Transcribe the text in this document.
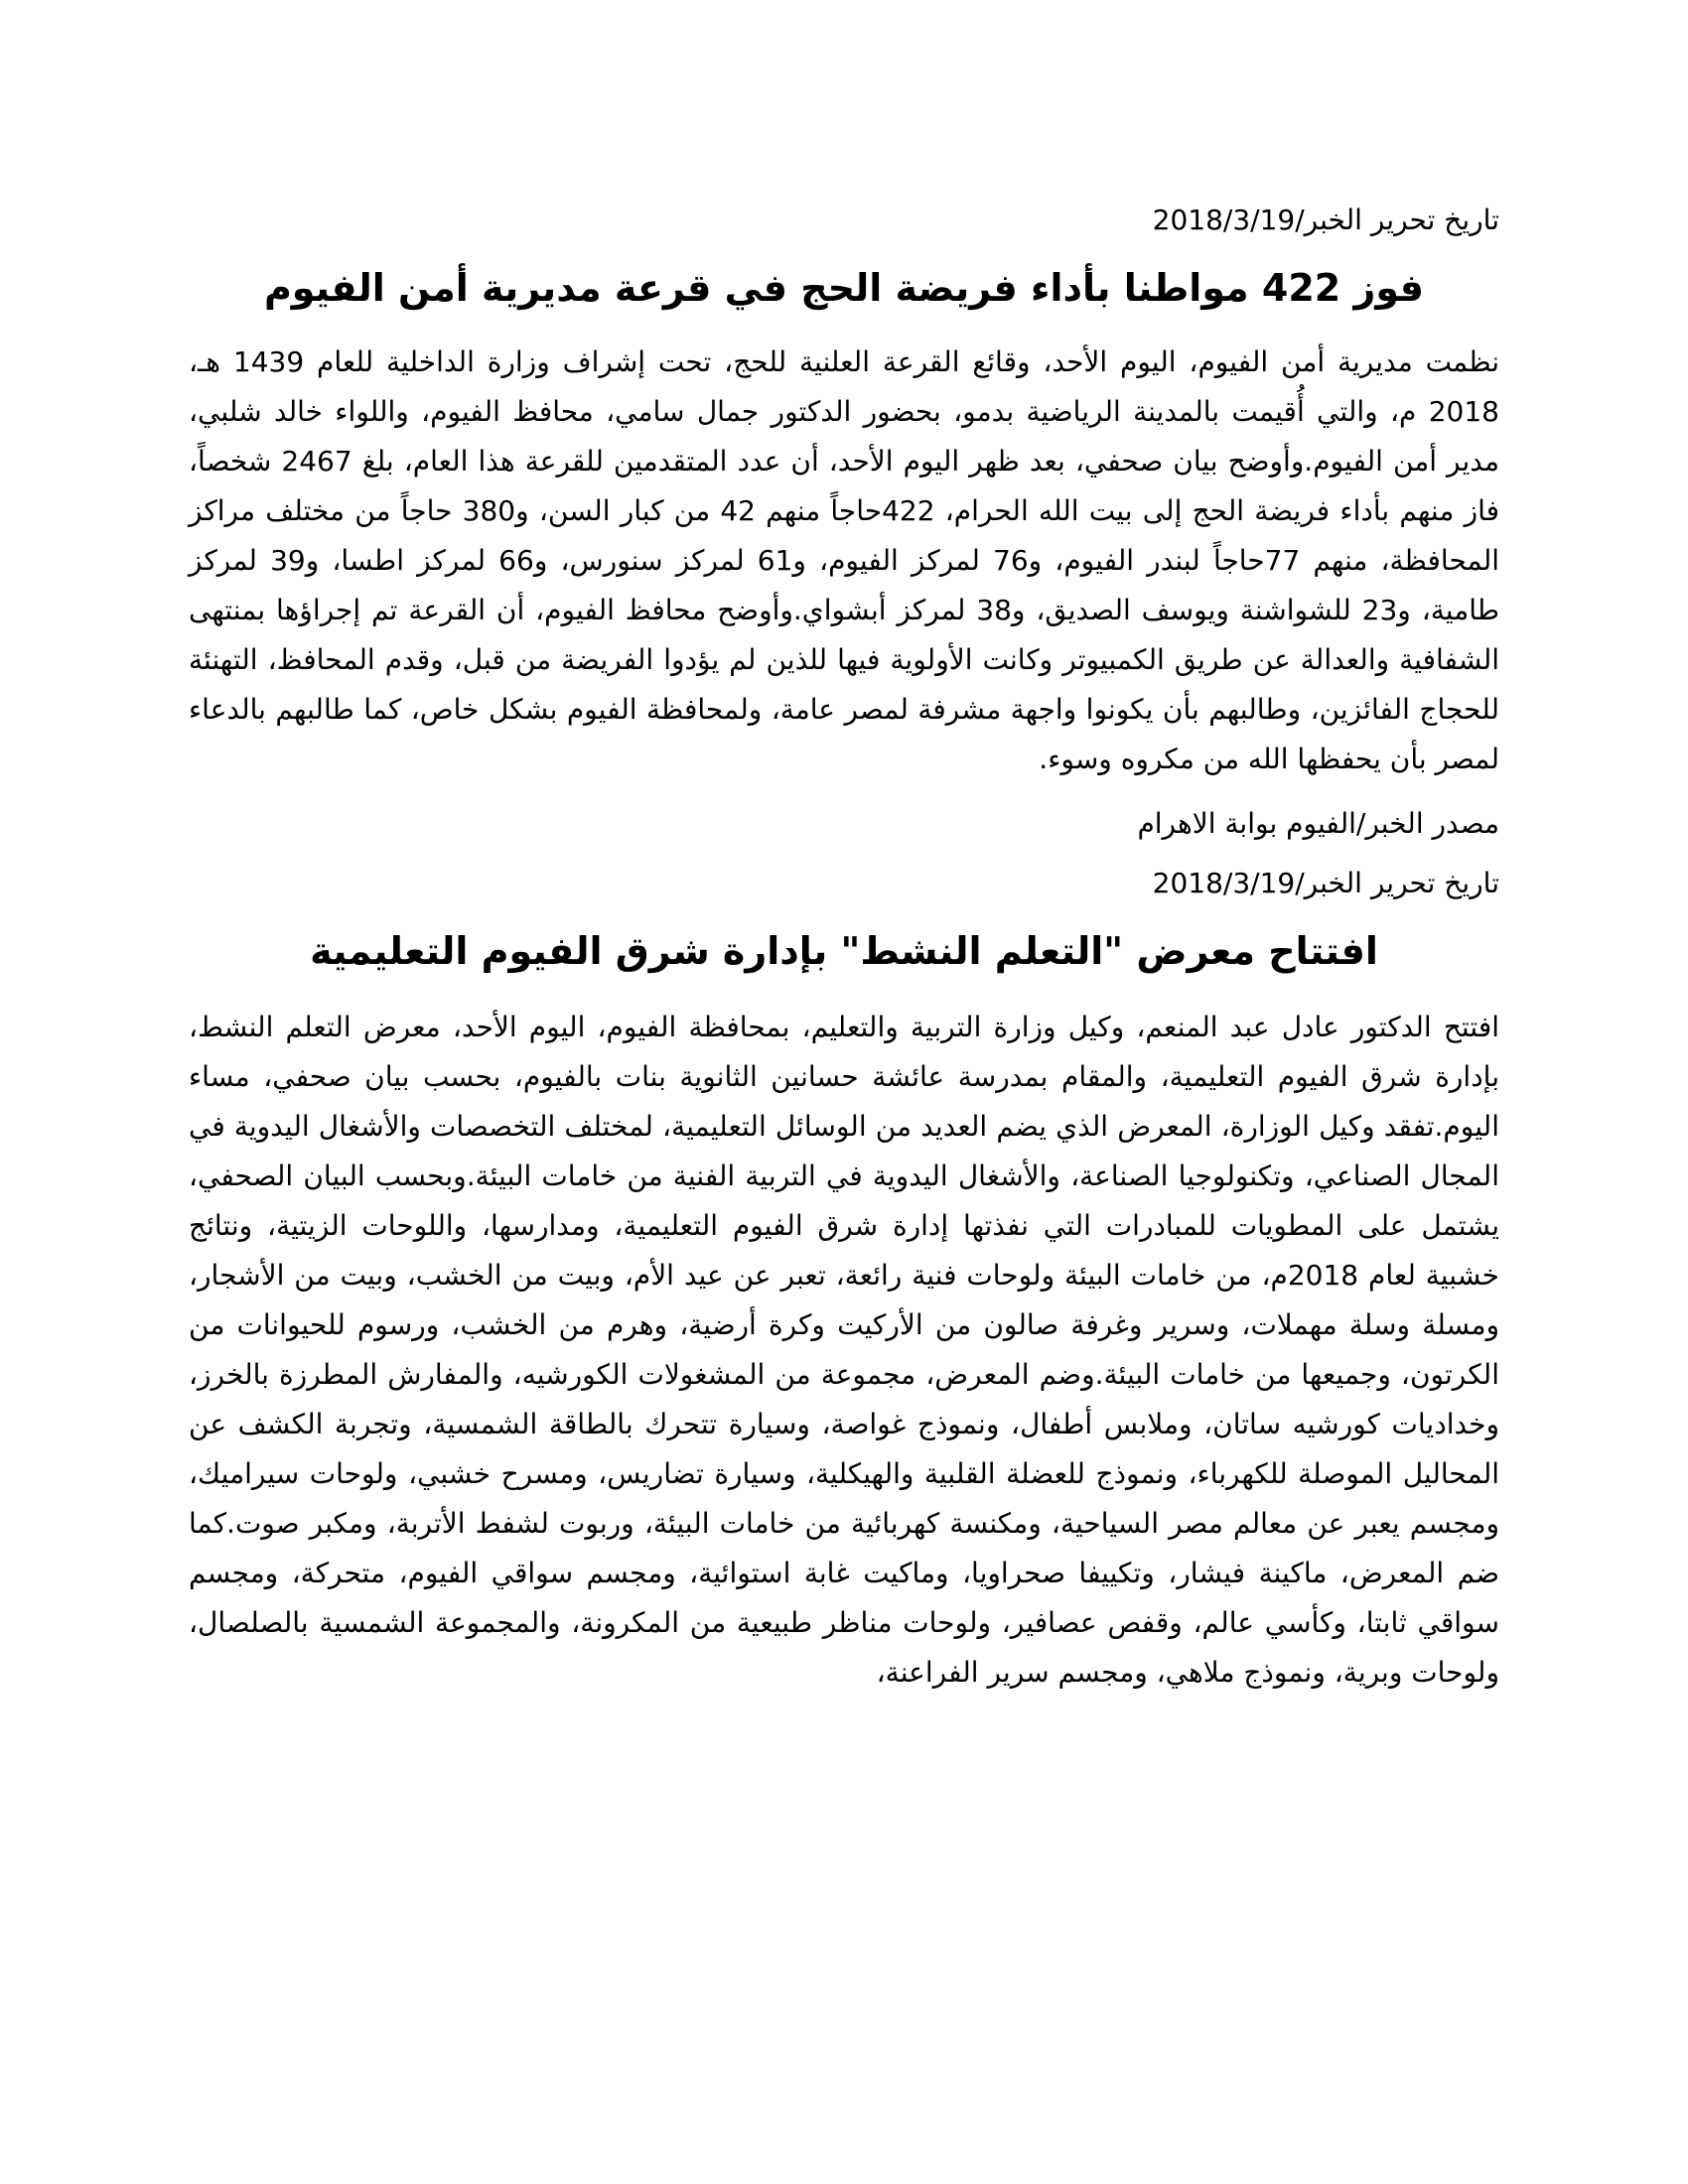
تاريخ تحرير الخبر/2018/3/19

فوز 422 مواطنا بأداء فريضة الحج في قرعة مديرية أمن الفيوم

نظمت مديرية أمن الفيوم، اليوم الأحد، وقائع القرعة العلنية للحج، تحت إشراف وزارة الداخلية للعام 1439 هـ، 2018 م، والتي أُقيمت بالمدينة الرياضية بدمو، بحضور الدكتور جمال سامي، محافظ الفيوم، واللواء خالد شلبي، مدير أمن الفيوم.وأوضح بيان صحفي، بعد ظهر اليوم الأحد، أن عدد المتقدمين للقرعة هذا العام، بلغ 2467 شخصاً، فاز منهم بأداء فريضة الحج إلى بيت الله الحرام، 422حاجاً منهم 42 من كبار السن، و380 حاجاً من مختلف مراكز المحافظة، منهم 77حاجاً لبندر الفيوم، و76 لمركز الفيوم، و61 لمركز سنورس، و66 لمركز اطسا، و39 لمركز طامية، و23 للشواشنة ويوسف الصديق، و38 لمركز أبشواي.وأوضح محافظ الفيوم، أن القرعة تم إجراؤها بمنتهى الشفافية والعدالة عن طريق الكمبيوتر وكانت الأولوية فيها للذين لم يؤدوا الفريضة من قبل، وقدم المحافظ، التهنئة للحجاج الفائزين، وطالبهم بأن يكونوا واجهة مشرفة لمصر عامة، ولمحافظة الفيوم بشكل خاص، كما طالبهم بالدعاء لمصر بأن يحفظها الله من مكروه وسوء.

مصدر الخبر/الفيوم بوابة الاهرام

تاريخ تحرير الخبر/2018/3/19

افتتاح معرض "التعلم النشط" بإدارة شرق الفيوم التعليمية

افتتح الدكتور عادل عبد المنعم، وكيل وزارة التربية والتعليم، بمحافظة الفيوم، اليوم الأحد، معرض التعلم النشط، بإدارة شرق الفيوم التعليمية، والمقام بمدرسة عائشة حسانين الثانوية بنات بالفيوم، بحسب بيان صحفي، مساء اليوم.تفقد وكيل الوزارة، المعرض الذي يضم العديد من الوسائل التعليمية، لمختلف التخصصات والأشغال اليدوية في المجال الصناعي، وتكنولوجيا الصناعة، والأشغال اليدوية في التربية الفنية من خامات البيئة.وبحسب البيان الصحفي، يشتمل على المطويات للمبادرات التي نفذتها إدارة شرق الفيوم التعليمية، ومدارسها، واللوحات الزيتية، ونتائج خشبية لعام 2018م، من خامات البيئة ولوحات فنية رائعة، تعبر عن عيد الأم، وبيت من الخشب، وبيت من الأشجار، ومسلة وسلة مهملات، وسرير وغرفة صالون من الأركيت وكرة أرضية، وهرم من الخشب، ورسوم للحيوانات من الكرتون، وجميعها من خامات البيئة.وضم المعرض، مجموعة من المشغولات الكورشيه، والمفارش المطرزة بالخرز، وخداديات كورشيه ساتان، وملابس أطفال، ونموذج غواصة، وسيارة تتحرك بالطاقة الشمسية، وتجربة الكشف عن المحاليل الموصلة للكهرباء، ونموذج للعضلة القلبية والهيكلية، وسيارة تضاريس، ومسرح خشبي، ولوحات سيراميك، ومجسم يعبر عن معالم مصر السياحية، ومكنسة كهربائية من خامات البيئة، وربوت لشفط الأتربة، ومكبر صوت.كما ضم المعرض، ماكينة فيشار، وتكييفا صحراويا، وماكيت غابة استوائية، ومجسم سواقي الفيوم، متحركة، ومجسم سواقي ثابتا، وكأسي عالم، وقفص عصافير، ولوحات مناظر طبيعية من المكرونة، والمجموعة الشمسية بالصلصال، ولوحات وبرية، ونموذج ملاهي، ومجسم سرير الفراعنة،
